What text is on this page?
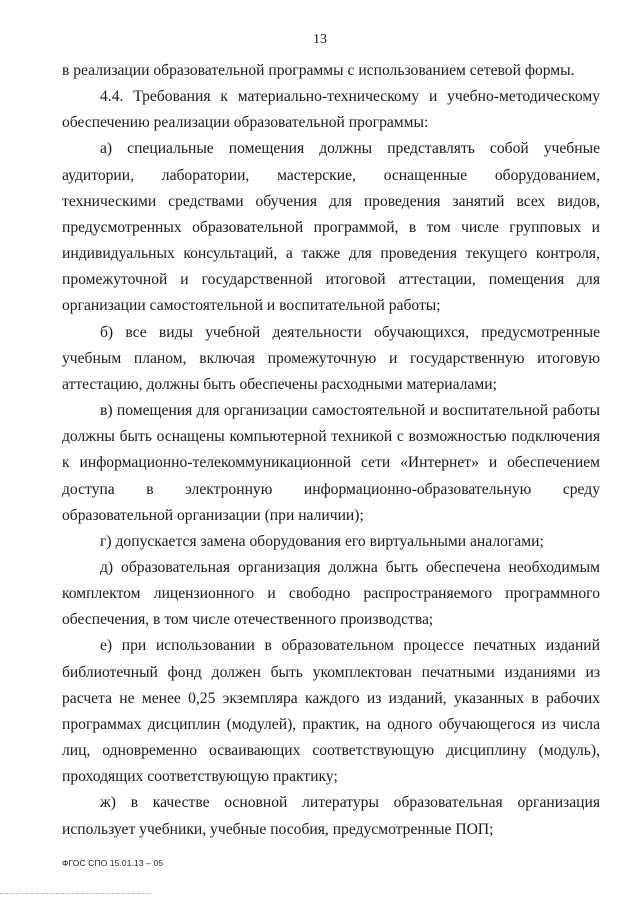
13

в реализации образовательной программы с использованием сетевой формы.

4.4. Требования к материально-техническому и учебно-методическому обеспечению реализации образовательной программы:

а) специальные помещения должны представлять собой учебные аудитории, лаборатории, мастерские, оснащенные оборудованием, техническими средствами обучения для проведения занятий всех видов, предусмотренных образовательной программой, в том числе групповых и индивидуальных консультаций, а также для проведения текущего контроля, промежуточной и государственной итоговой аттестации, помещения для организации самостоятельной и воспитательной работы;

б) все виды учебной деятельности обучающихся, предусмотренные учебным планом, включая промежуточную и государственную итоговую аттестацию, должны быть обеспечены расходными материалами;

в) помещения для организации самостоятельной и воспитательной работы должны быть оснащены компьютерной техникой с возможностью подключения к информационно-телекоммуникационной сети «Интернет» и обеспечением доступа в электронную информационно-образовательную среду образовательной организации (при наличии);

г) допускается замена оборудования его виртуальными аналогами;

д) образовательная организация должна быть обеспечена необходимым комплектом лицензионного и свободно распространяемого программного обеспечения, в том числе отечественного производства;

е) при использовании в образовательном процессе печатных изданий библиотечный фонд должен быть укомплектован печатными изданиями из расчета не менее 0,25 экземпляра каждого из изданий, указанных в рабочих программах дисциплин (модулей), практик, на одного обучающегося из числа лиц, одновременно осваивающих соответствующую дисциплину (модуль), проходящих соответствующую практику;

ж) в качестве основной литературы образовательная организация использует учебники, учебные пособия, предусмотренные ПОП;

ФГОС СПО 15.01.13 – 05
